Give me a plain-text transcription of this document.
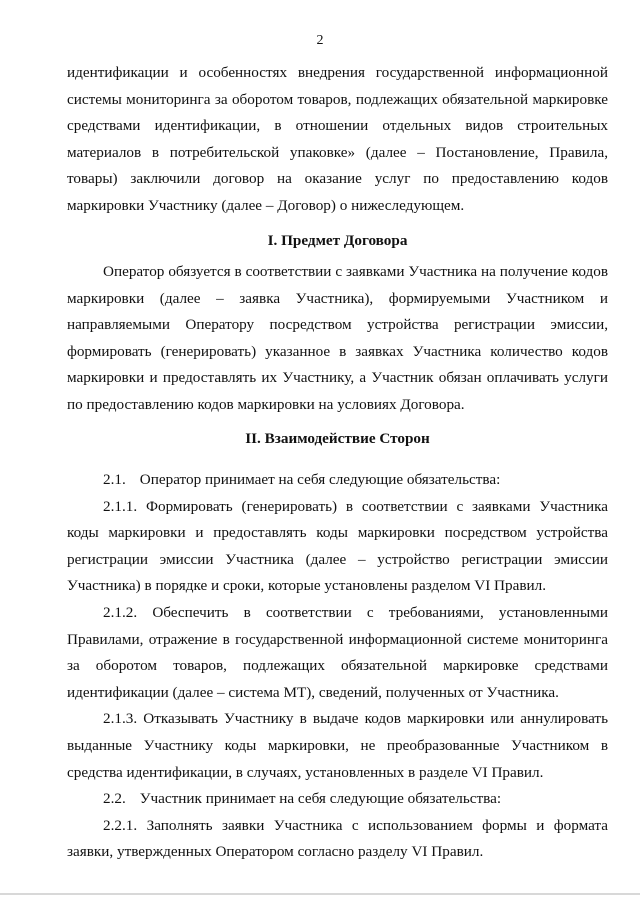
2

идентификации и особенностях внедрения государственной информационной системы мониторинга за оборотом товаров, подлежащих обязательной маркировке средствами идентификации, в отношении отдельных видов строительных материалов в потребительской упаковке» (далее – Постановление, Правила, товары) заключили договор на оказание услуг по предоставлению кодов маркировки Участнику (далее – Договор) о нижеследующем.

I. Предмет Договора

Оператор обязуется в соответствии с заявками Участника на получение кодов маркировки (далее – заявка Участника), формируемыми Участником и направляемыми Оператору посредством устройства регистрации эмиссии, формировать (генерировать) указанное в заявках Участника количество кодов маркировки и предоставлять их Участнику, а Участник обязан оплачивать услуги по предоставлению кодов маркировки на условиях Договора.

II. Взаимодействие Сторон

2.1. Оператор принимает на себя следующие обязательства:

2.1.1. Формировать (генерировать) в соответствии с заявками Участника коды маркировки и предоставлять коды маркировки посредством устройства регистрации эмиссии Участника (далее – устройство регистрации эмиссии Участника) в порядке и сроки, которые установлены разделом VI Правил.

2.1.2. Обеспечить в соответствии с требованиями, установленными Правилами, отражение в государственной информационной системе мониторинга за оборотом товаров, подлежащих обязательной маркировке средствами идентификации (далее – система МТ), сведений, полученных от Участника.

2.1.3. Отказывать Участнику в выдаче кодов маркировки или аннулировать выданные Участнику коды маркировки, не преобразованные Участником в средства идентификации, в случаях, установленных в разделе VI Правил.

2.2. Участник принимает на себя следующие обязательства:

2.2.1. Заполнять заявки Участника с использованием формы и формата заявки, утвержденных Оператором согласно разделу VI Правил.
